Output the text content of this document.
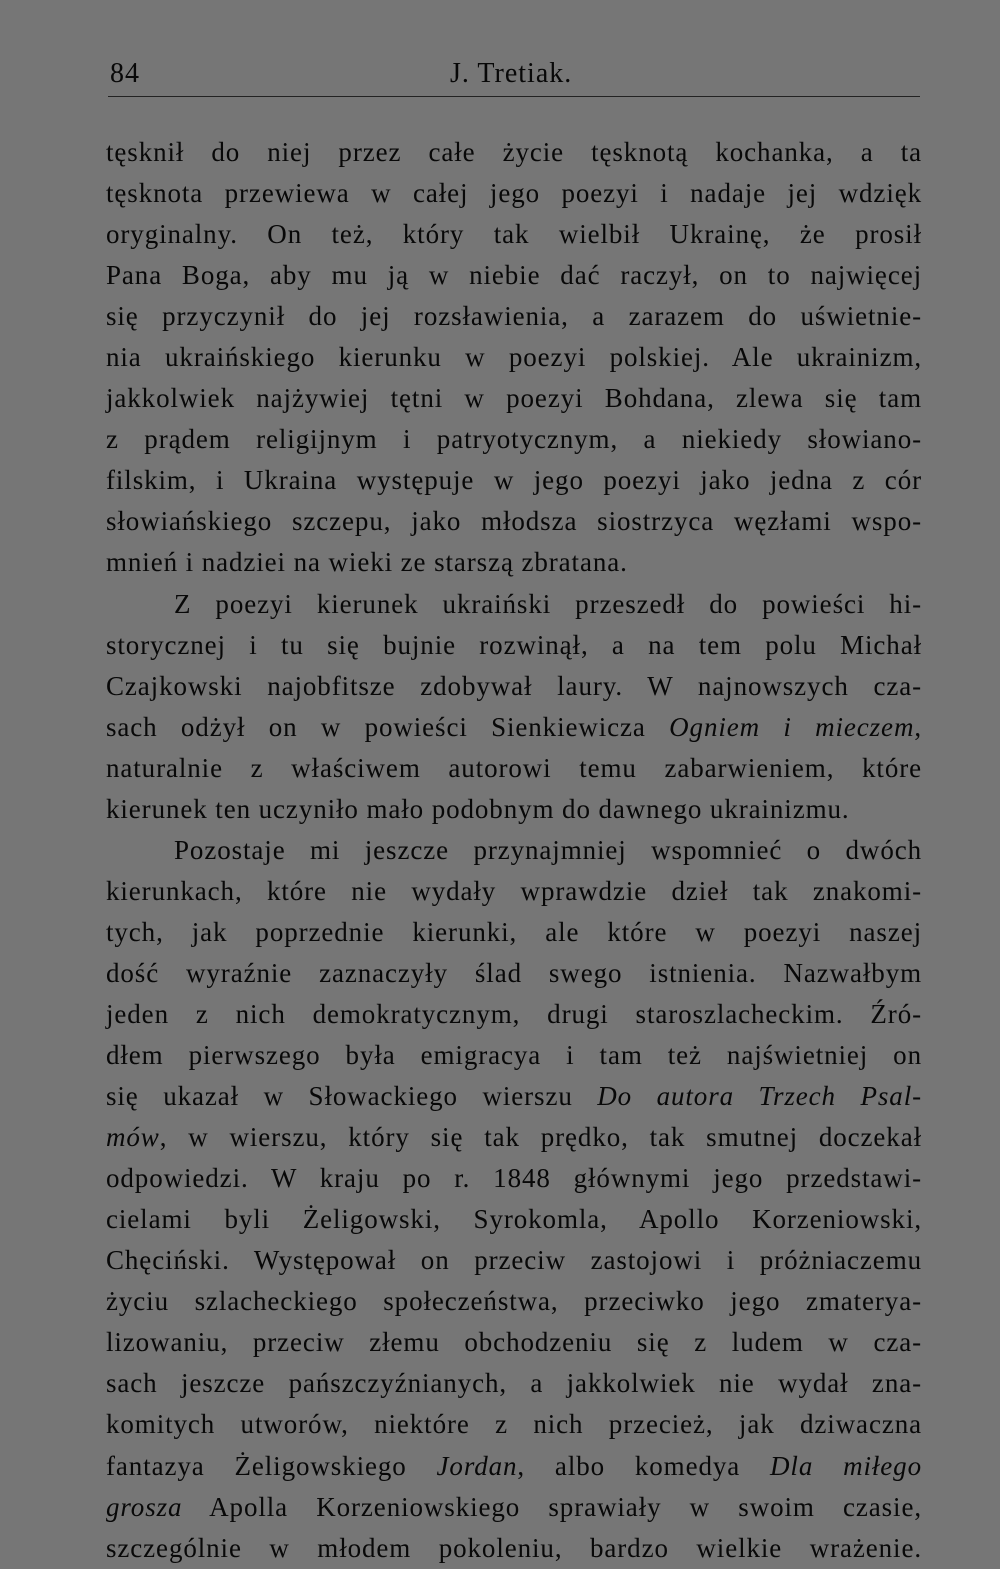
84	J. Tretiak.
tęsknił do niej przez całe życie tęsknotą kochanka, a ta
tęsknota przewiewa w całej jego poezyi i nadaje jej wdzięk
oryginalny. On też, który tak wielbił Ukrainę, że prosił
Pana Boga, aby mu ją w niebie dać raczył, on to najwięcej
się przyczynił do jej rozsławienia, a zarazem do uświetnie-
nia ukraińskiego kierunku w poezyi polskiej. Ale ukrainizm,
jakkolwiek najżywiej tętni w poezyi Bohdana, zlewa się tam
z prądem religijnym i patryotycznym, a niekiedy słowiano-
filskim, i Ukraina występuje w jego poezyi jako jedna z cór
słowiańskiego szczepu, jako młodsza siostrzyca węzłami wspo-
mnień i nadziei na wieki ze starszą zbratana.
Z poezyi kierunek ukraiński przeszedł do powieści hi-
storycznej i tu się bujnie rozwinął, a na tem polu Michał
Czajkowski najobfitsze zdobywał laury. W najnowszych cza-
sach odżył on w powieści Sienkiewicza Ogniem i mieczem,
naturalnie z właściwem autorowi temu zabarwieniem, które
kierunek ten uczyniło mało podobnym do dawnego ukrainizmu.
Pozostaje mi jeszcze przynajmniej wspomnieć o dwóch
kierunkach, które nie wydały wprawdzie dzieł tak znakomi-
tych, jak poprzednie kierunki, ale które w poezyi naszej
dość wyraźnie zaznaczyły ślad swego istnienia. Nazwałbym
jeden z nich demokratycznym, drugi staroszlacheckim. Źró-
dłem pierwszego była emigracya i tam też najświetniej on
się ukazał w Słowackiego wierszu Do autora Trzech Psal-
mów, w wierszu, który się tak prędko, tak smutnej doczekał
odpowiedzi. W kraju po r. 1848 głównymi jego przedstawi-
cielami byli Żeligowski, Syrokomla, Apollo Korzeniowski,
Chęciński. Występował on przeciw zastojowi i próżniaczemu
życiu szlacheckiego społeczeństwa, przeciwko jego zmaterya-
lizowaniu, przeciw złemu obchodzeniu się z ludem w cza-
sach jeszcze pańszczyźnianych, a jakkolwiek nie wydał zna-
komitych utworów, niektóre z nich przecież, jak dziwaczna
fantazya Żeligowskiego Jordan, albo komedya Dla miłego
grosza Apolla Korzeniowskiego sprawiały w swoim czasie,
szczególnie w młodem pokoleniu, bardzo wielkie wrażenie.
